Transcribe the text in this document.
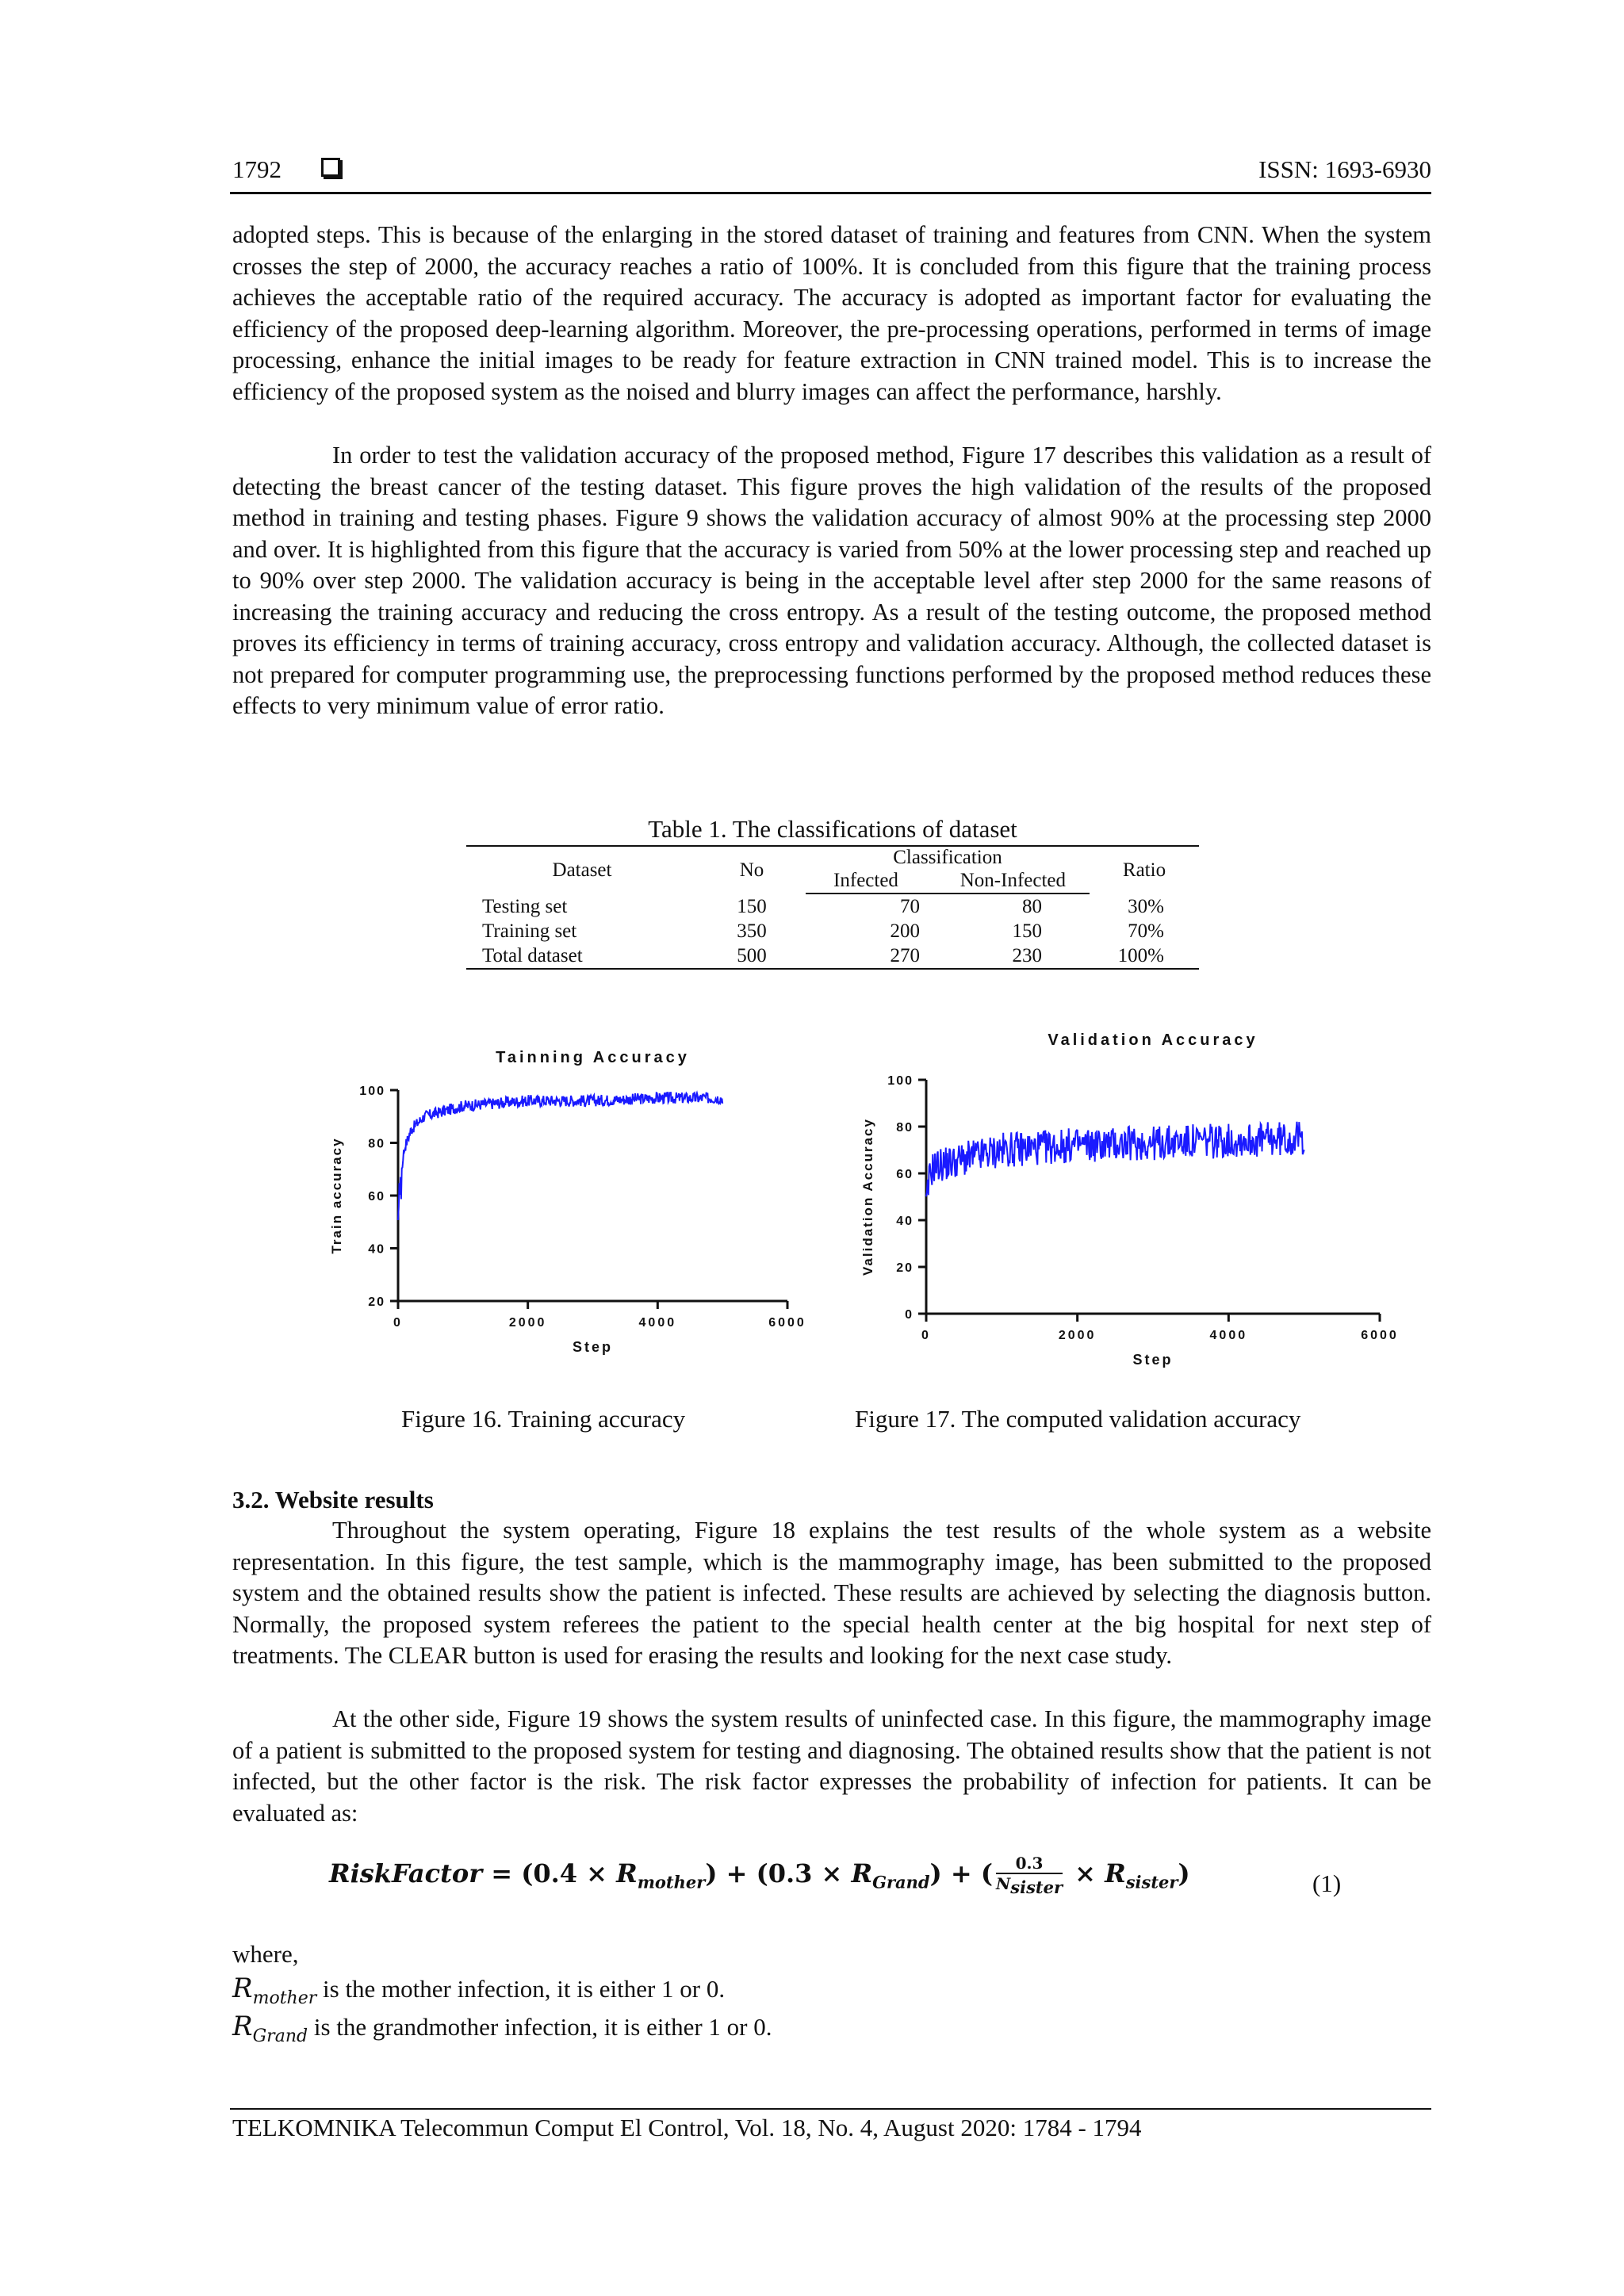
1792	ISSN: 1693-6930

adopted steps. This is because of the enlarging in the stored dataset of training and features from CNN. When the system crosses the step of 2000, the accuracy reaches a ratio of 100%. It is concluded from this figure that the training process achieves the acceptable ratio of the required accuracy. The accuracy is adopted as important factor for evaluating the efficiency of the proposed deep-learning algorithm. Moreover, the pre-processing operations, performed in terms of image processing, enhance the initial images to be ready for feature extraction in CNN trained model. This is to increase the efficiency of the proposed system as the noised and blurry images can affect the performance, harshly.

In order to test the validation accuracy of the proposed method, Figure 17 describes this validation as a result of detecting the breast cancer of the testing dataset. This figure proves the high validation of the results of the proposed method in training and testing phases. Figure 9 shows the validation accuracy of almost 90% at the processing step 2000 and over. It is highlighted from this figure that the accuracy is varied from 50% at the lower processing step and reached up to 90% over step 2000. The validation accuracy is being in the acceptable level after step 2000 for the same reasons of increasing the training accuracy and reducing the cross entropy. As a result of the testing outcome, the proposed method proves its efficiency in terms of training accuracy, cross entropy and validation accuracy. Although, the collected dataset is not prepared for computer programming use, the preprocessing functions performed by the proposed method reduces these effects to very minimum value of error ratio.

Table 1. The classifications of dataset
Dataset	No	Classification		Ratio
		Infected	Non-Infected	
Testing set	150	70	80	30%
Training set	350	200	150	70%
Total dataset	500	270	230	100%
Tainning Accuracy
20
40
60
80
100
0	2000	4000	6000
Step
Train accuracy
Validation Accuracy
0
20
40
60
80
100
0	2000	4000	6000
Step
Validation Accuracy
Figure 16. Training accuracy	Figure 17. The computed validation accuracy
3.2. Website results

Throughout the system operating, Figure 18 explains the test results of the whole system as a website representation. In this figure, the test sample, which is the mammography image, has been submitted to the proposed system and the obtained results show the patient is infected. These results are achieved by selecting the diagnosis button. Normally, the proposed system referees the patient to the special health center at the big hospital for next step of treatments. The CLEAR button is used for erasing the results and looking for the next case study.

At the other side, Figure 19 shows the system results of uninfected case. In this figure, the mammography image of a patient is submitted to the proposed system for testing and diagnosing. The obtained results show that the patient is not infected, but the other factor is the risk. The risk factor expresses the probability of infection for patients. It can be evaluated as:

RiskFactor = $(0.4 \times R_{mother}) + (0.3 \times R_{Grand})$ + ( $\frac{0.3}{N_{sister}} \times R_{sister}$)	(1)
where,
$R_{mother}$ is the mother infection, it is either 1 or 0.
$R_{Grand}$ is the grandmother infection, it is either 1 or 0.
TELKOMNIKA Telecommun Comput El Control, Vol. 18, No. 4, August 2020: 1784 - 1794
